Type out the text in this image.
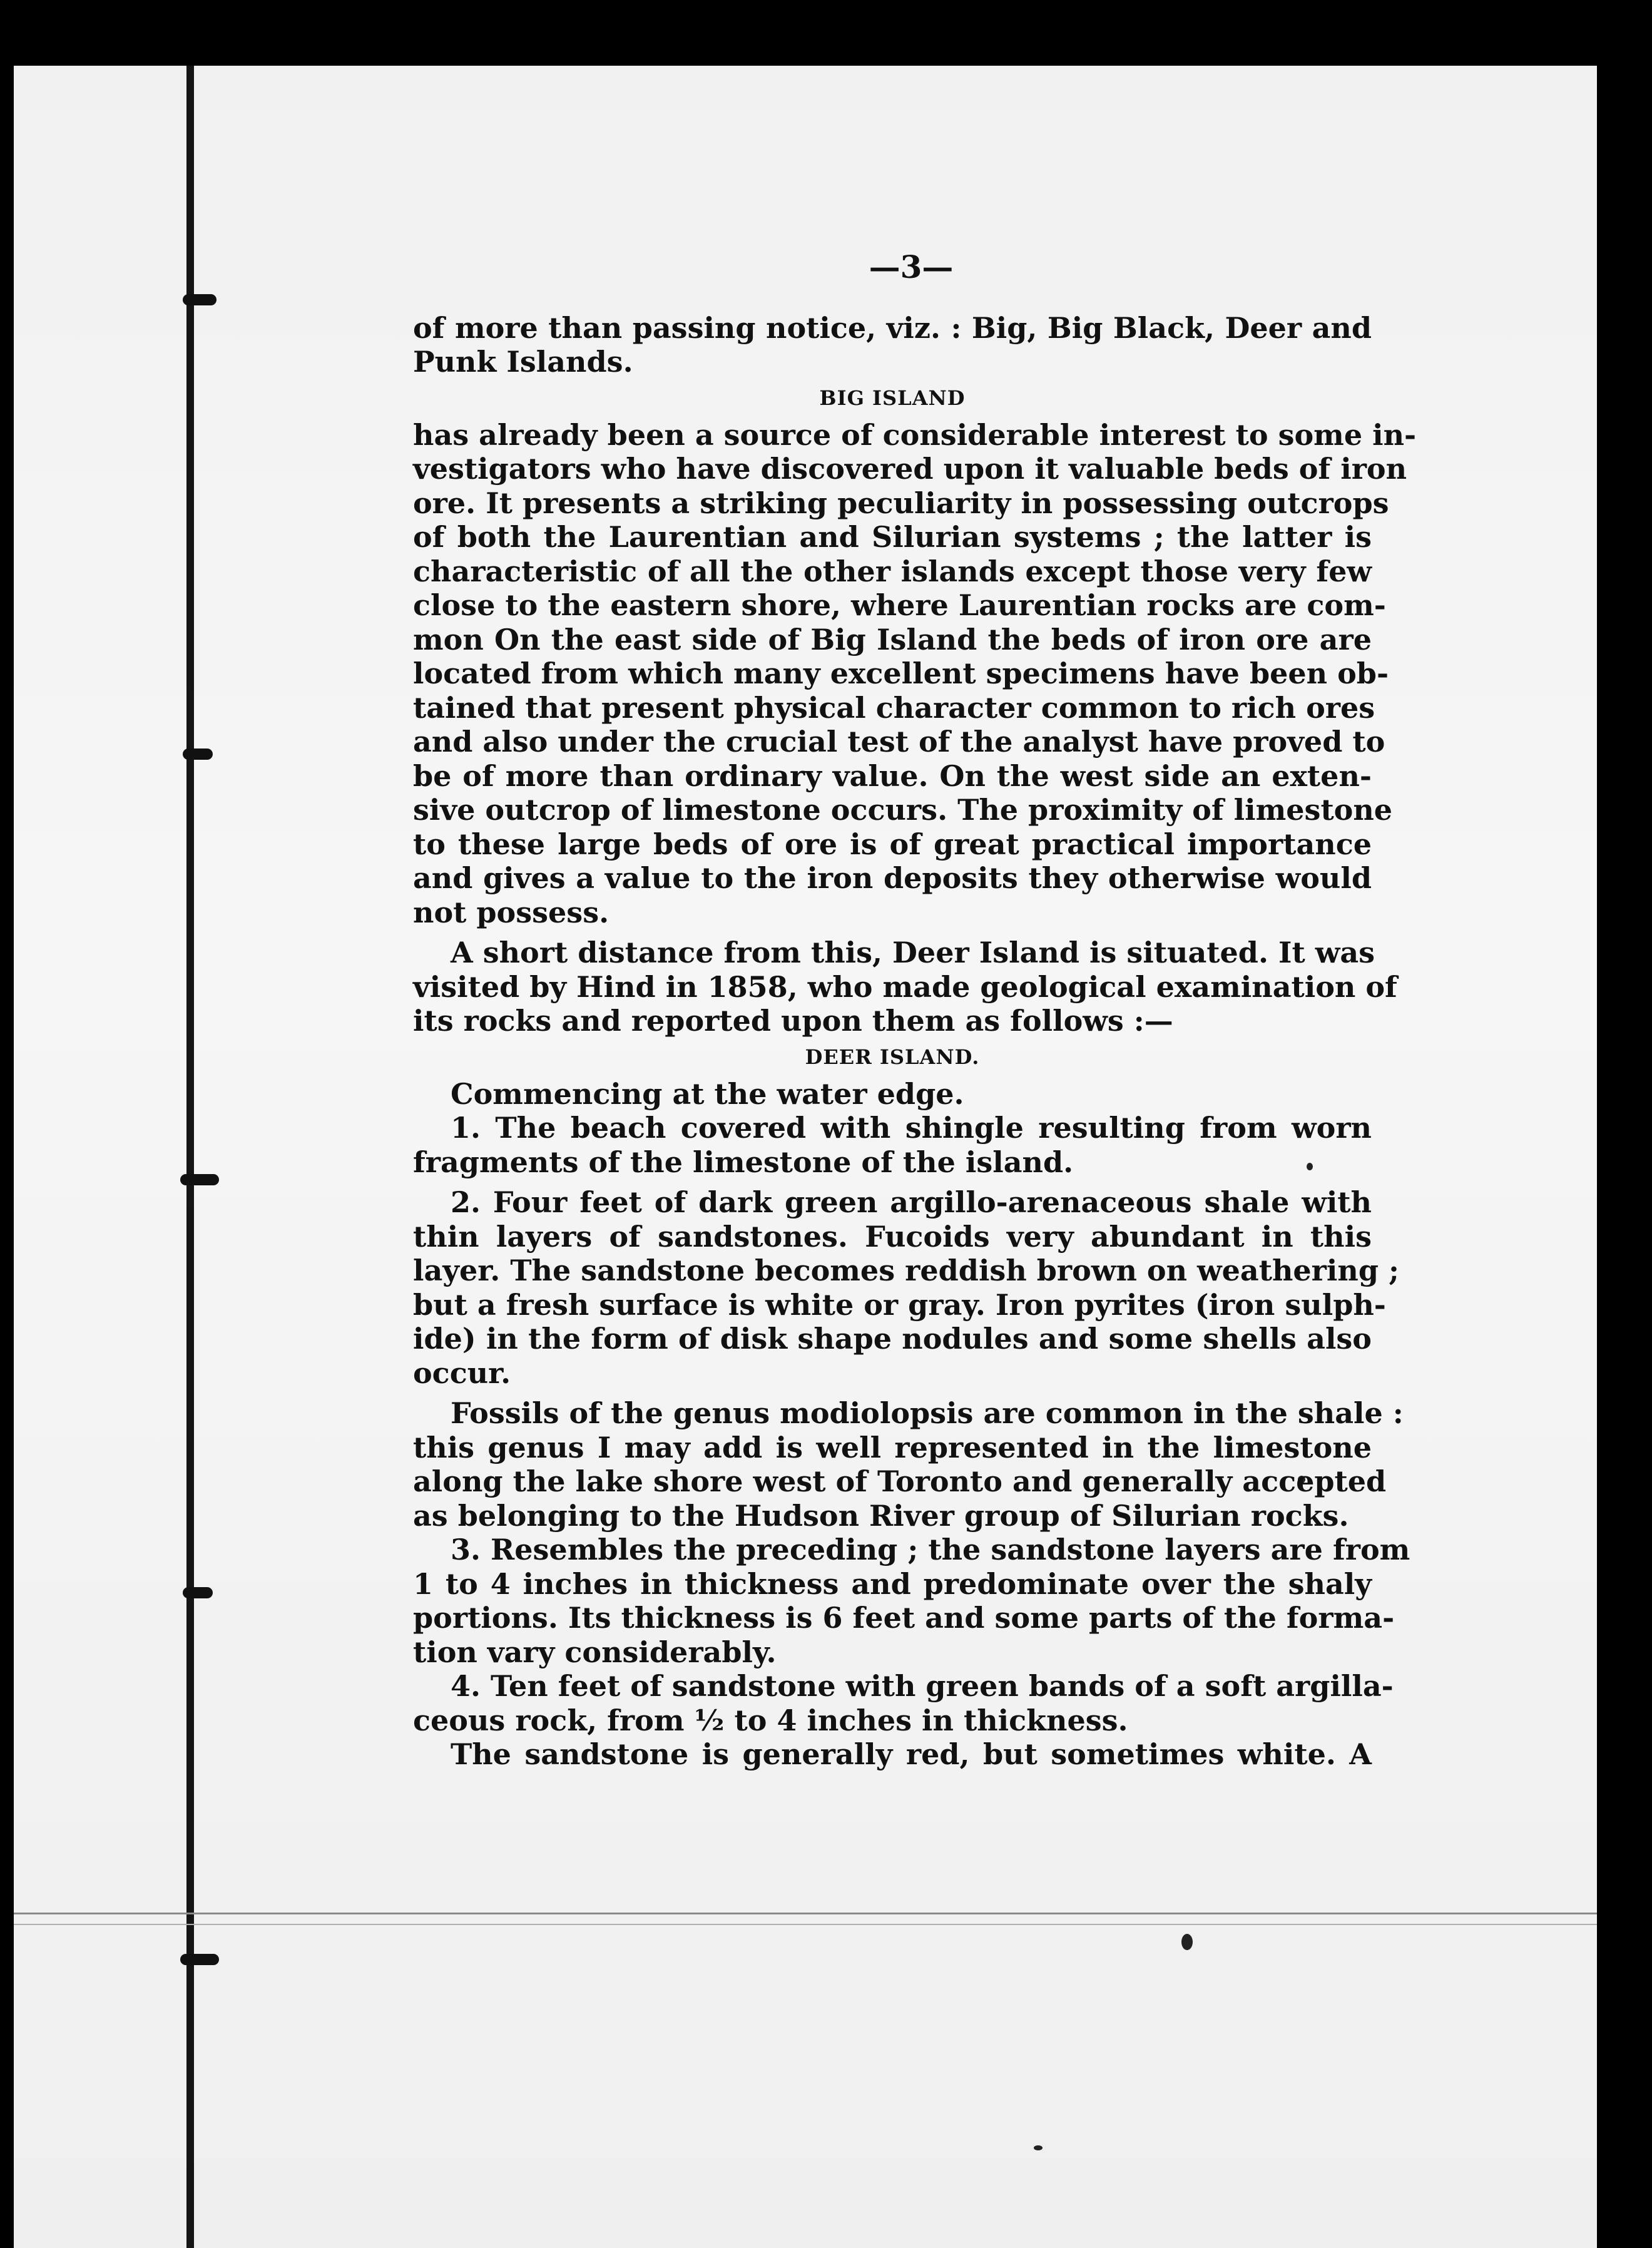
—3—
of more than passing notice, viz. : Big, Big Black, Deer and
Punk Islands.
BIG ISLAND
has already been a source of considerable interest to some in-
vestigators who have discovered upon it valuable beds of iron
ore. It presents a striking peculiarity in possessing outcrops
of both the Laurentian and Silurian systems ; the latter is
characteristic of all the other islands except those very few
close to the eastern shore, where Laurentian rocks are com-
mon On the east side of Big Island the beds of iron ore are
located from which many excellent specimens have been ob-
tained that present physical character common to rich ores
and also under the crucial test of the analyst have proved to
be of more than ordinary value. On the west side an exten-
sive outcrop of limestone occurs. The proximity of limestone
to these large beds of ore is of great practical importance
and gives a value to the iron deposits they otherwise would
not possess.
A short distance from this, Deer Island is situated. It was
visited by Hind in 1858, who made geological examination of
its rocks and reported upon them as follows :—
DEER ISLAND.
Commencing at the water edge.
1. The beach covered with shingle resulting from worn
fragments of the limestone of the island.
2. Four feet of dark green argillo-arenaceous shale with
thin layers of sandstones. Fucoids very abundant in this
layer. The sandstone becomes reddish brown on weathering ;
but a fresh surface is white or gray. Iron pyrites (iron sulph-
ide) in the form of disk shape nodules and some shells also
occur.
Fossils of the genus modiolopsis are common in the shale :
this genus I may add is well represented in the limestone
along the lake shore west of Toronto and generally accepted
as belonging to the Hudson River group of Silurian rocks.
3. Resembles the preceding ; the sandstone layers are from
1 to 4 inches in thickness and predominate over the shaly
portions. Its thickness is 6 feet and some parts of the forma-
tion vary considerably.
4. Ten feet of sandstone with green bands of a soft argilla-
ceous rock, from ½ to 4 inches in thickness.
The sandstone is generally red, but sometimes white. A
